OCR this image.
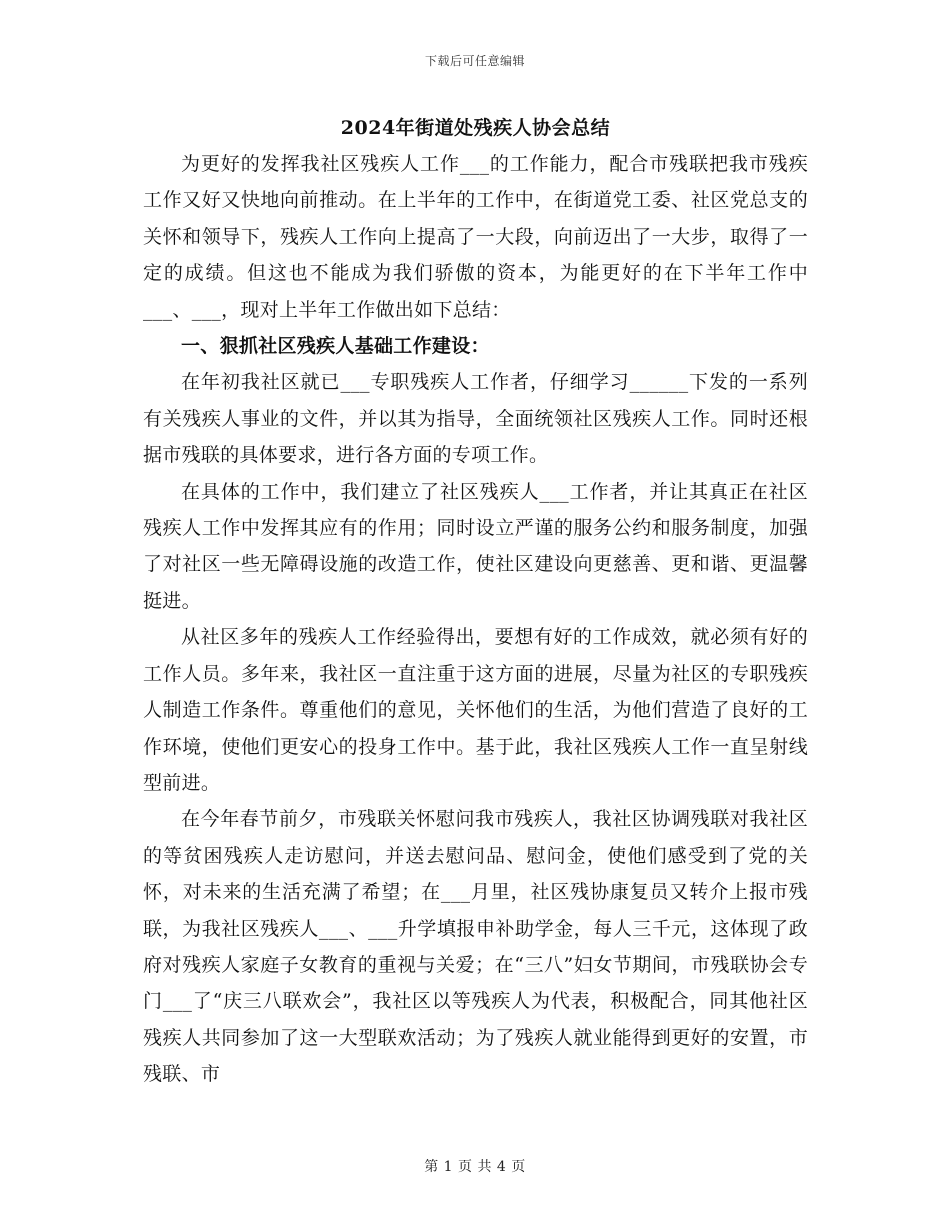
下载后可任意编辑
2024年街道处残疾人协会总结

为更好的发挥我社区残疾人工作___的工作能力，配合市残联把我市残疾工作又好又快地向前推动。在上半年的工作中，在街道党工委、社区党总支的关怀和领导下，残疾人工作向上提高了一大段，向前迈出了一大步，取得了一定的成绩。但这也不能成为我们骄傲的资本，为能更好的在下半年工作中___、___，现对上半年工作做出如下总结：

一、狠抓社区残疾人基础工作建设：

在年初我社区就已___专职残疾人工作者，仔细学习______下发的一系列有关残疾人事业的文件，并以其为指导，全面统领社区残疾人工作。同时还根据市残联的具体要求，进行各方面的专项工作。

在具体的工作中，我们建立了社区残疾人___工作者，并让其真正在社区残疾人工作中发挥其应有的作用；同时设立严谨的服务公约和服务制度，加强了对社区一些无障碍设施的改造工作，使社区建设向更慈善、更和谐、更温馨挺进。

从社区多年的残疾人工作经验得出，要想有好的工作成效，就必须有好的工作人员。多年来，我社区一直注重于这方面的进展，尽量为社区的专职残疾人制造工作条件。尊重他们的意见，关怀他们的生活，为他们营造了良好的工作环境，使他们更安心的投身工作中。基于此，我社区残疾人工作一直呈射线型前进。

在今年春节前夕，市残联关怀慰问我市残疾人，我社区协调残联对我社区的等贫困残疾人走访慰问，并送去慰问品、慰问金，使他们感受到了党的关怀，对未来的生活充满了希望；在___月里，社区残协康复员又转介上报市残联，为我社区残疾人___、___升学填报申补助学金，每人三千元，这体现了政府对残疾人家庭子女教育的重视与关爱；在“三八”妇女节期间，市残联协会专门___了“庆三八联欢会”，我社区以等残疾人为代表，积极配合，同其他社区残疾人共同参加了这一大型联欢活动；为了残疾人就业能得到更好的安置，市残联、市

第 1 页 共 4 页
